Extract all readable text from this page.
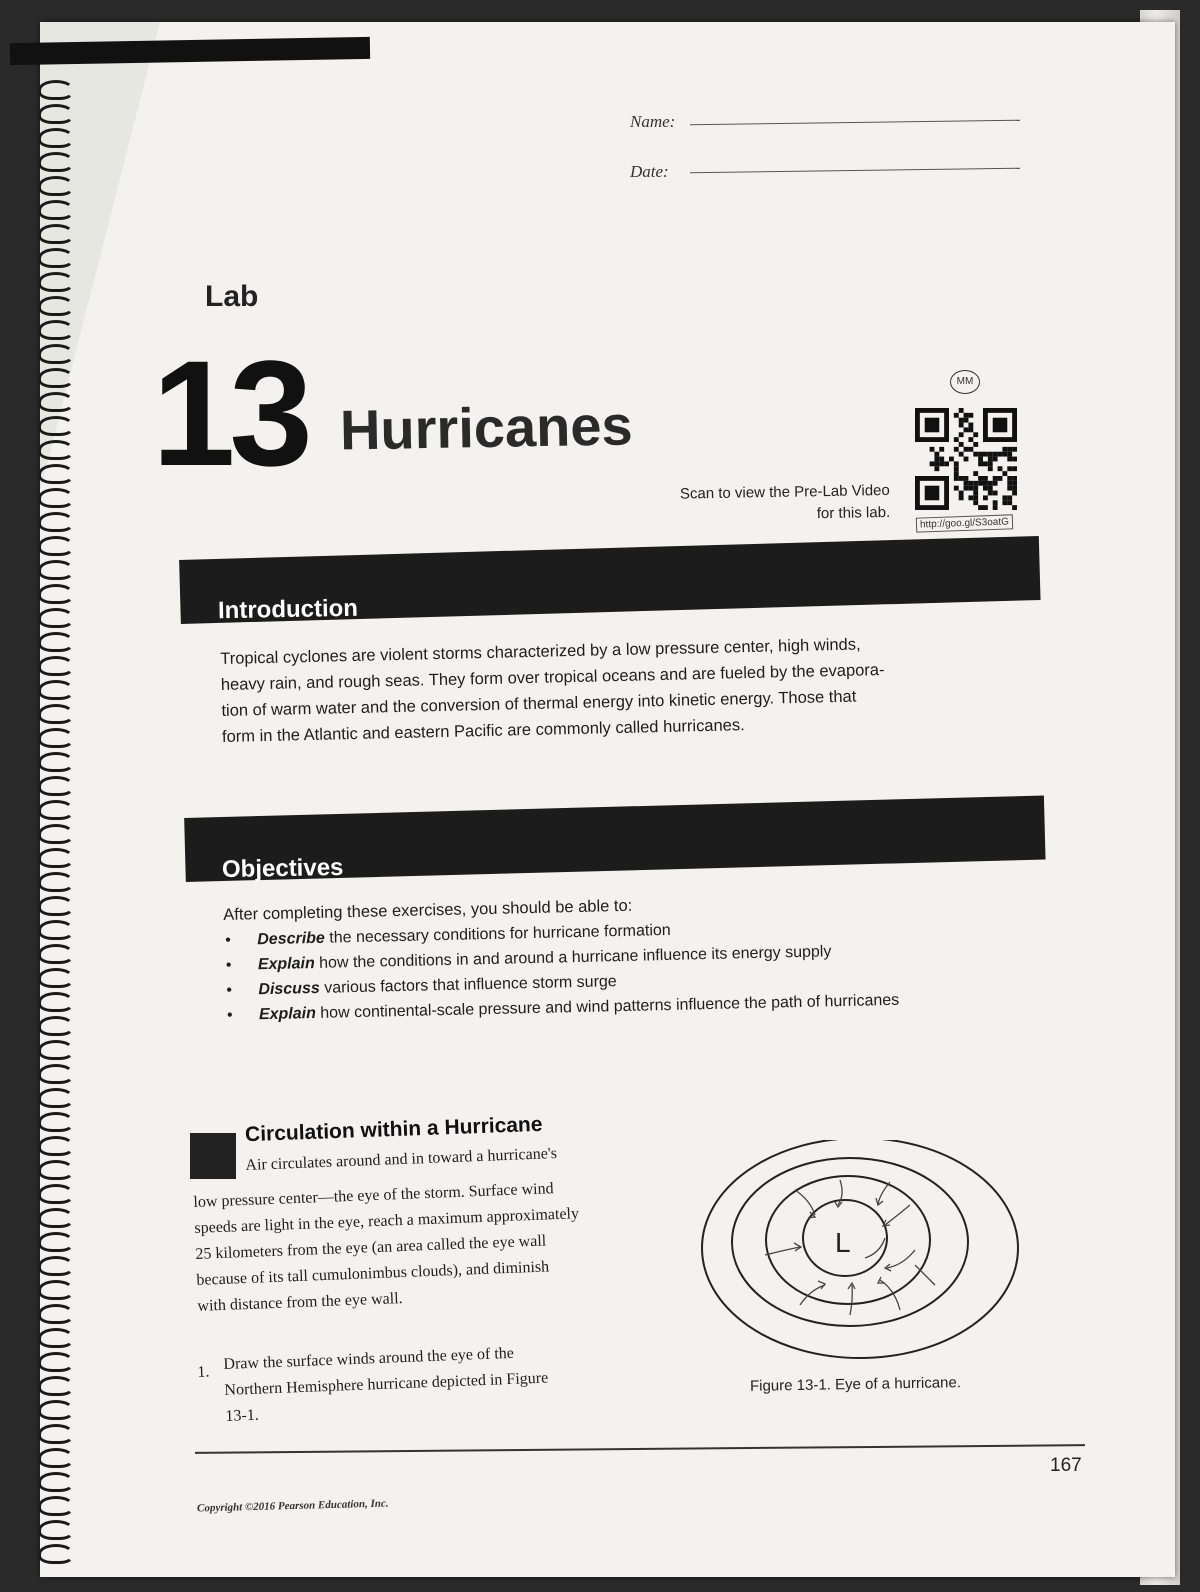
Name:
Date:
Lab
13 Hurricanes
Scan to view the Pre-Lab Video
for this lab.
MM
http://goo.gl/S3oatG
Introduction
Tropical cyclones are violent storms characterized by a low pressure center, high winds,
heavy rain, and rough seas. They form over tropical oceans and are fueled by the evapora-
tion of warm water and the conversion of thermal energy into kinetic energy. Those that
form in the Atlantic and eastern Pacific are commonly called hurricanes.
Objectives
After completing these exercises, you should be able to:
• Describe the necessary conditions for hurricane formation
• Explain how the conditions in and around a hurricane influence its energy supply
• Discuss various factors that influence storm surge
• Explain how continental-scale pressure and wind patterns influence the path of hurricanes
Circulation within a Hurricane
Air circulates around and in toward a hurricane's
low pressure center—the eye of the storm. Surface wind
speeds are light in the eye, reach a maximum approximately
25 kilometers from the eye (an area called the eye wall
because of its tall cumulonimbus clouds), and diminish
with distance from the eye wall.
1. Draw the surface winds around the eye of the
Northern Hemisphere hurricane depicted in Figure
13-1.
L
Figure 13-1. Eye of a hurricane.
167
Copyright ©2016 Pearson Education, Inc.
